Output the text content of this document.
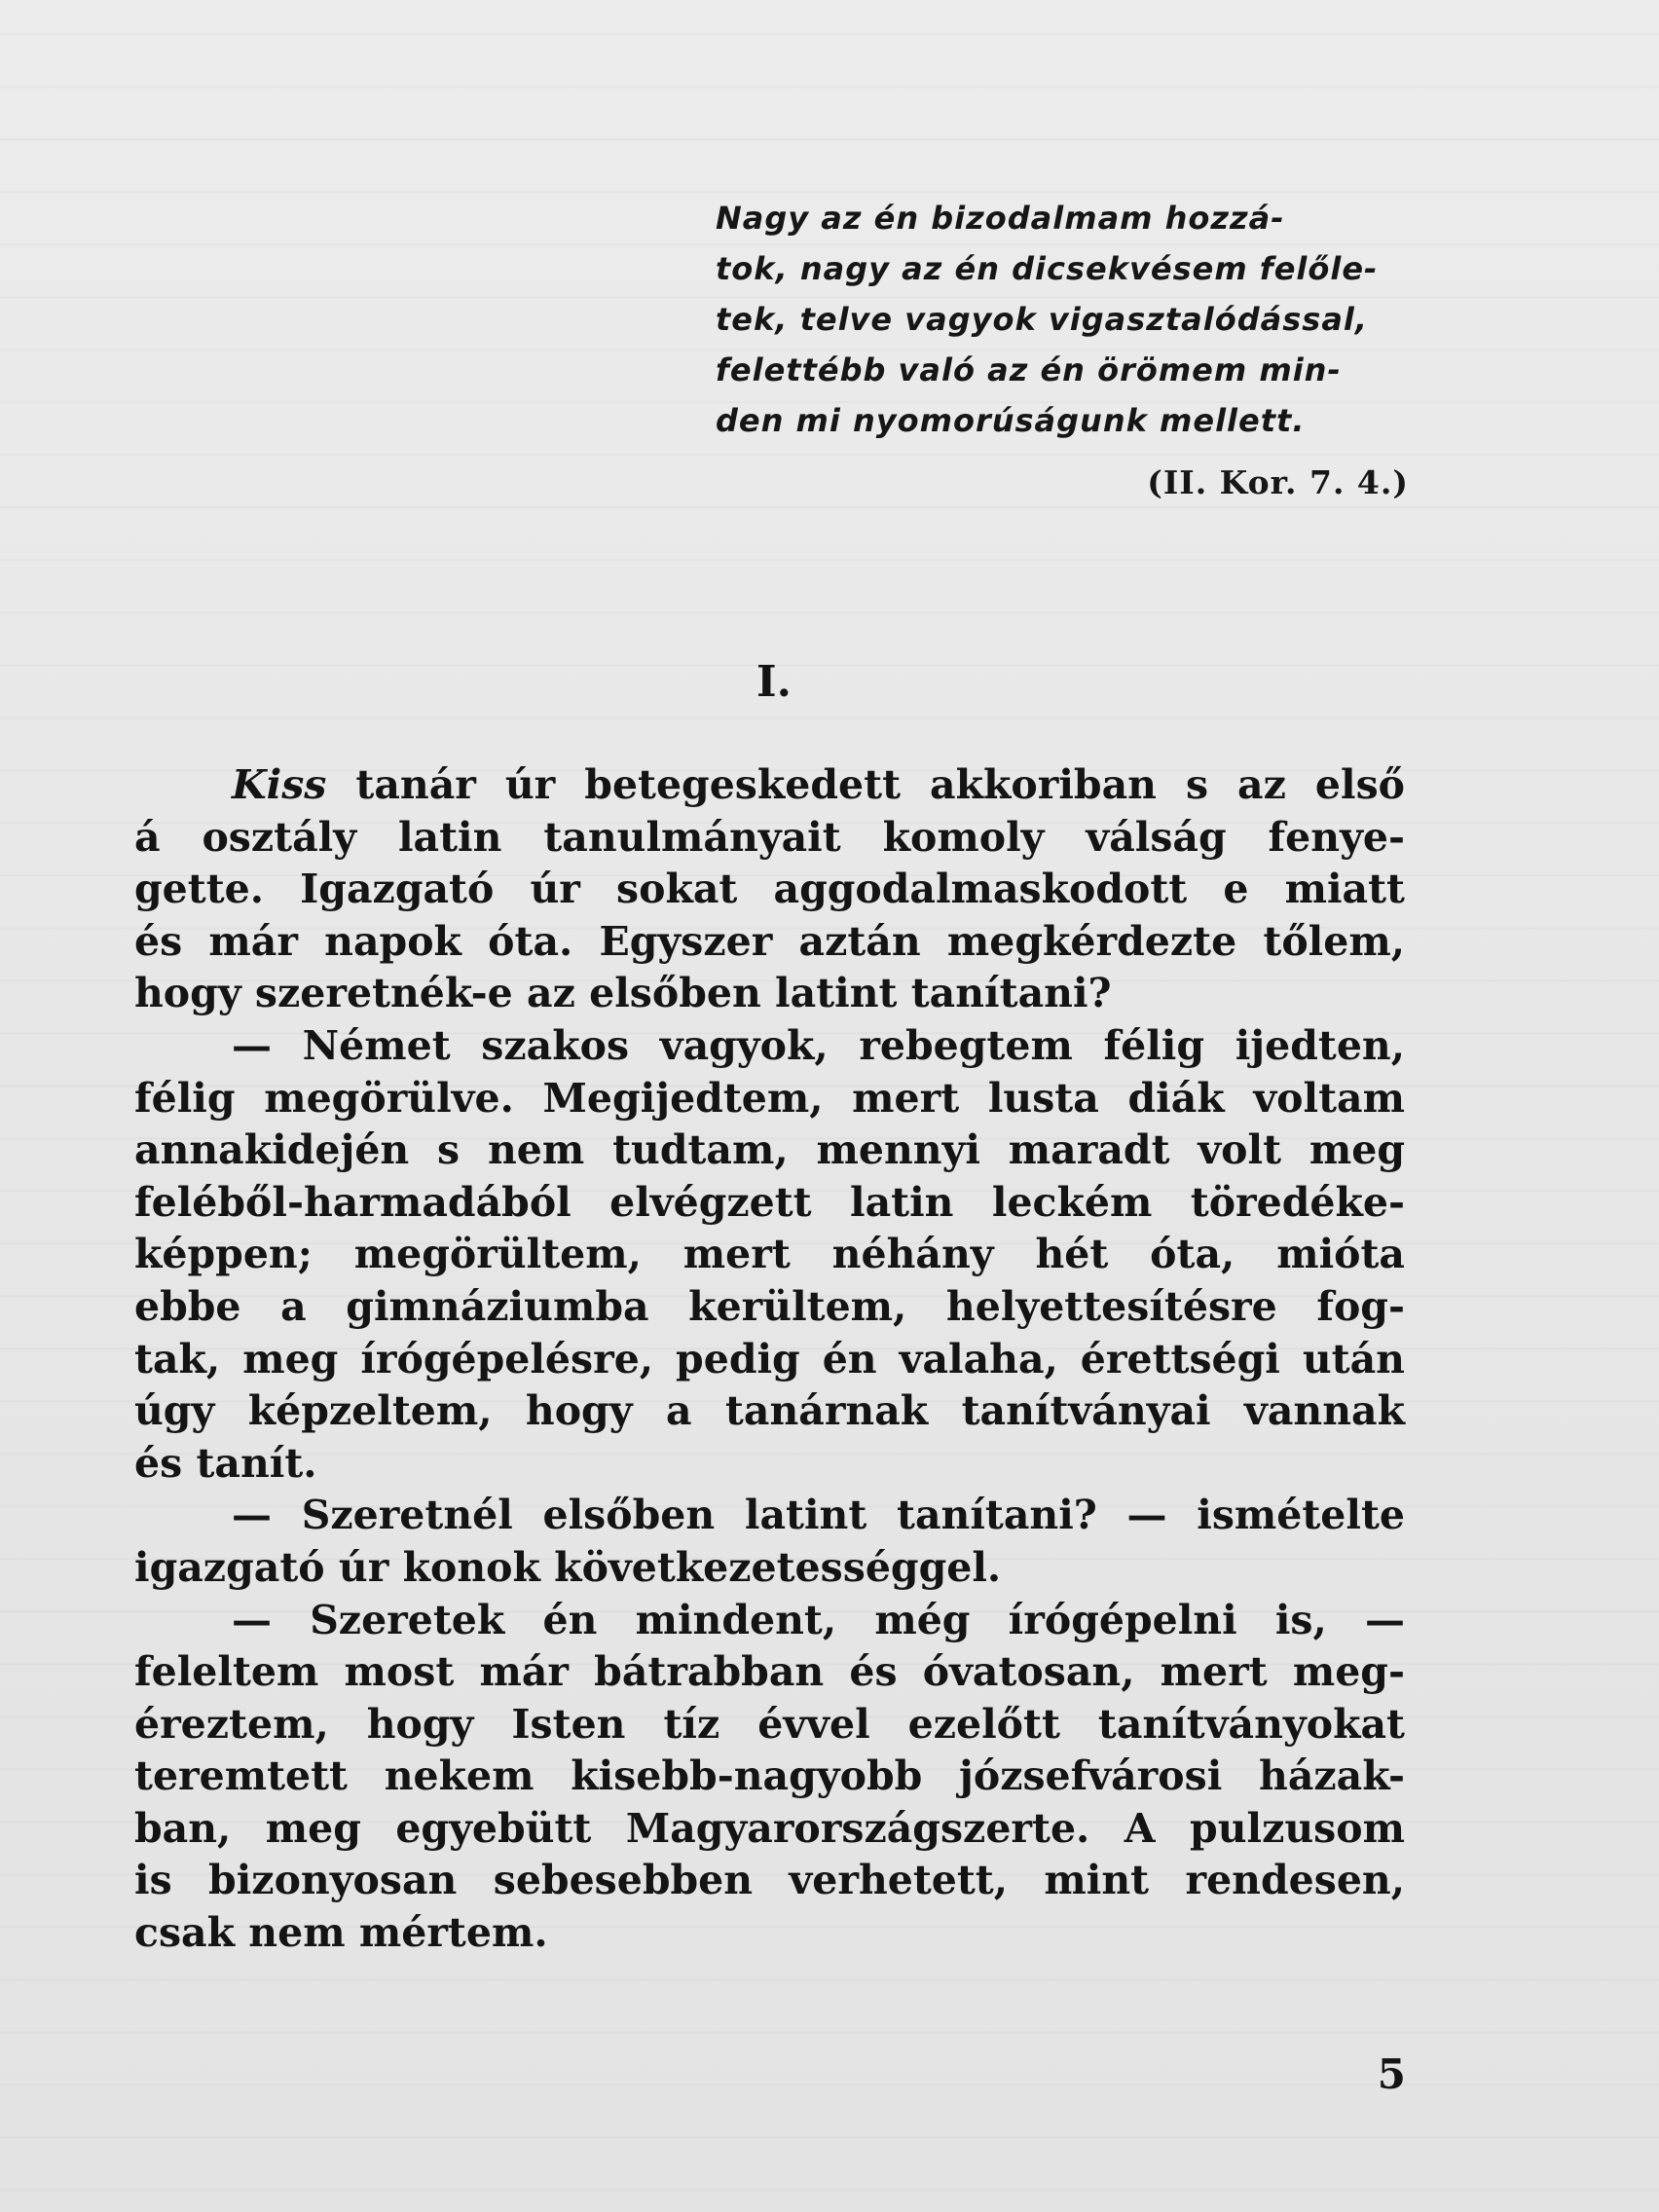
Nagy az én bizodalmam hozzá-
tok, nagy az én dicsekvésem felőle-
tek, telve vagyok vigasztalódással,
felettébb való az én örömem min-
den mi nyomorúságunk mellett.
(II. Kor. 7. 4.)
I.
Kiss tanár úr betegeskedett akkoriban s az első
á osztály latin tanulmányait komoly válság fenye-
gette. Igazgató úr sokat aggodalmaskodott e miatt
és már napok óta. Egyszer aztán megkérdezte tőlem,
hogy szeretnék-e az elsőben latint tanítani?
— Német szakos vagyok, rebegtem félig ijedten,
félig megörülve. Megijedtem, mert lusta diák voltam
annakidején s nem tudtam, mennyi maradt volt meg
feléből-harmadából elvégzett latin leckém töredéke-
képpen; megörültem, mert néhány hét óta, mióta
ebbe a gimnáziumba kerültem, helyettesítésre fog-
tak, meg írógépelésre, pedig én valaha, érettségi után
úgy képzeltem, hogy a tanárnak tanítványai vannak
és tanít.
— Szeretnél elsőben latint tanítani? — ismételte
igazgató úr konok következetességgel.
— Szeretek én mindent, még írógépelni is, —
feleltem most már bátrabban és óvatosan, mert meg-
éreztem, hogy Isten tíz évvel ezelőtt tanítványokat
teremtett nekem kisebb-nagyobb józsefvárosi házak-
ban, meg egyebütt Magyarországszerte. A pulzusom
is bizonyosan sebesebben verhetett, mint rendesen,
csak nem mértem.
5
